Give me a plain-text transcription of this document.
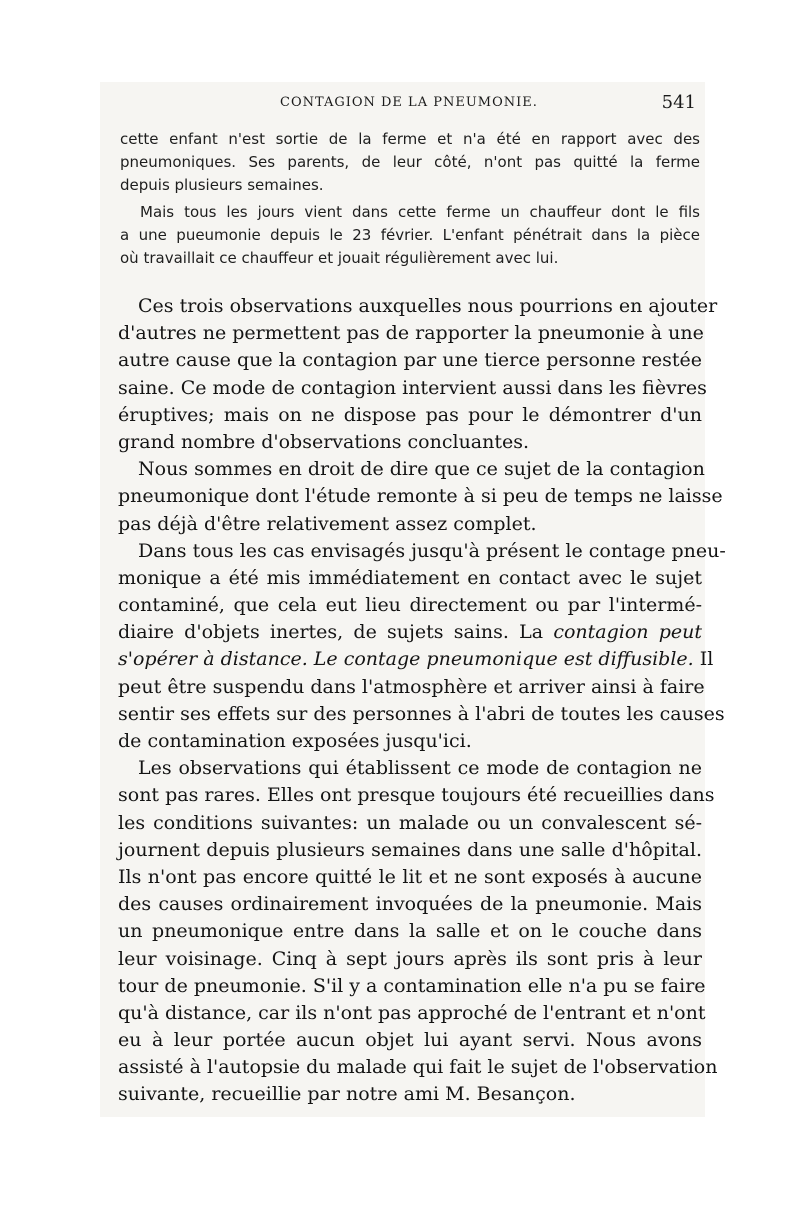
CONTAGION DE LA PNEUMONIE.	541
cette enfant n'est sortie de la ferme et n'a été en rapport avec des
pneumoniques. Ses parents, de leur côté, n'ont pas quitté la ferme
depuis plusieurs semaines.
Mais tous les jours vient dans cette ferme un chauffeur dont le fils
a une pueumonie depuis le 23 février. L'enfant pénétrait dans la pièce
où travaillait ce chauffeur et jouait régulièrement avec lui.
Ces trois observations auxquelles nous pourrions en ajouter
d'autres ne permettent pas de rapporter la pneumonie à une
autre cause que la contagion par une tierce personne restée
saine. Ce mode de contagion intervient aussi dans les fièvres
éruptives; mais on ne dispose pas pour le démontrer d'un
grand nombre d'observations concluantes.
Nous sommes en droit de dire que ce sujet de la contagion
pneumonique dont l'étude remonte à si peu de temps ne laisse
pas déjà d'être relativement assez complet.
Dans tous les cas envisagés jusqu'à présent le contage pneu-
monique a été mis immédiatement en contact avec le sujet
contaminé, que cela eut lieu directement ou par l'intermé-
diaire d'objets inertes, de sujets sains. La contagion peut
s'opérer à distance. Le contage pneumonique est diffusible. Il
peut être suspendu dans l'atmosphère et arriver ainsi à faire
sentir ses effets sur des personnes à l'abri de toutes les causes
de contamination exposées jusqu'ici.
Les observations qui établissent ce mode de contagion ne
sont pas rares. Elles ont presque toujours été recueillies dans
les conditions suivantes: un malade ou un convalescent sé-
journent depuis plusieurs semaines dans une salle d'hôpital.
Ils n'ont pas encore quitté le lit et ne sont exposés à aucune
des causes ordinairement invoquées de la pneumonie. Mais
un pneumonique entre dans la salle et on le couche dans
leur voisinage. Cinq à sept jours après ils sont pris à leur
tour de pneumonie. S'il y a contamination elle n'a pu se faire
qu'à distance, car ils n'ont pas approché de l'entrant et n'ont
eu à leur portée aucun objet lui ayant servi. Nous avons
assisté à l'autopsie du malade qui fait le sujet de l'observation
suivante, recueillie par notre ami M. Besançon.
